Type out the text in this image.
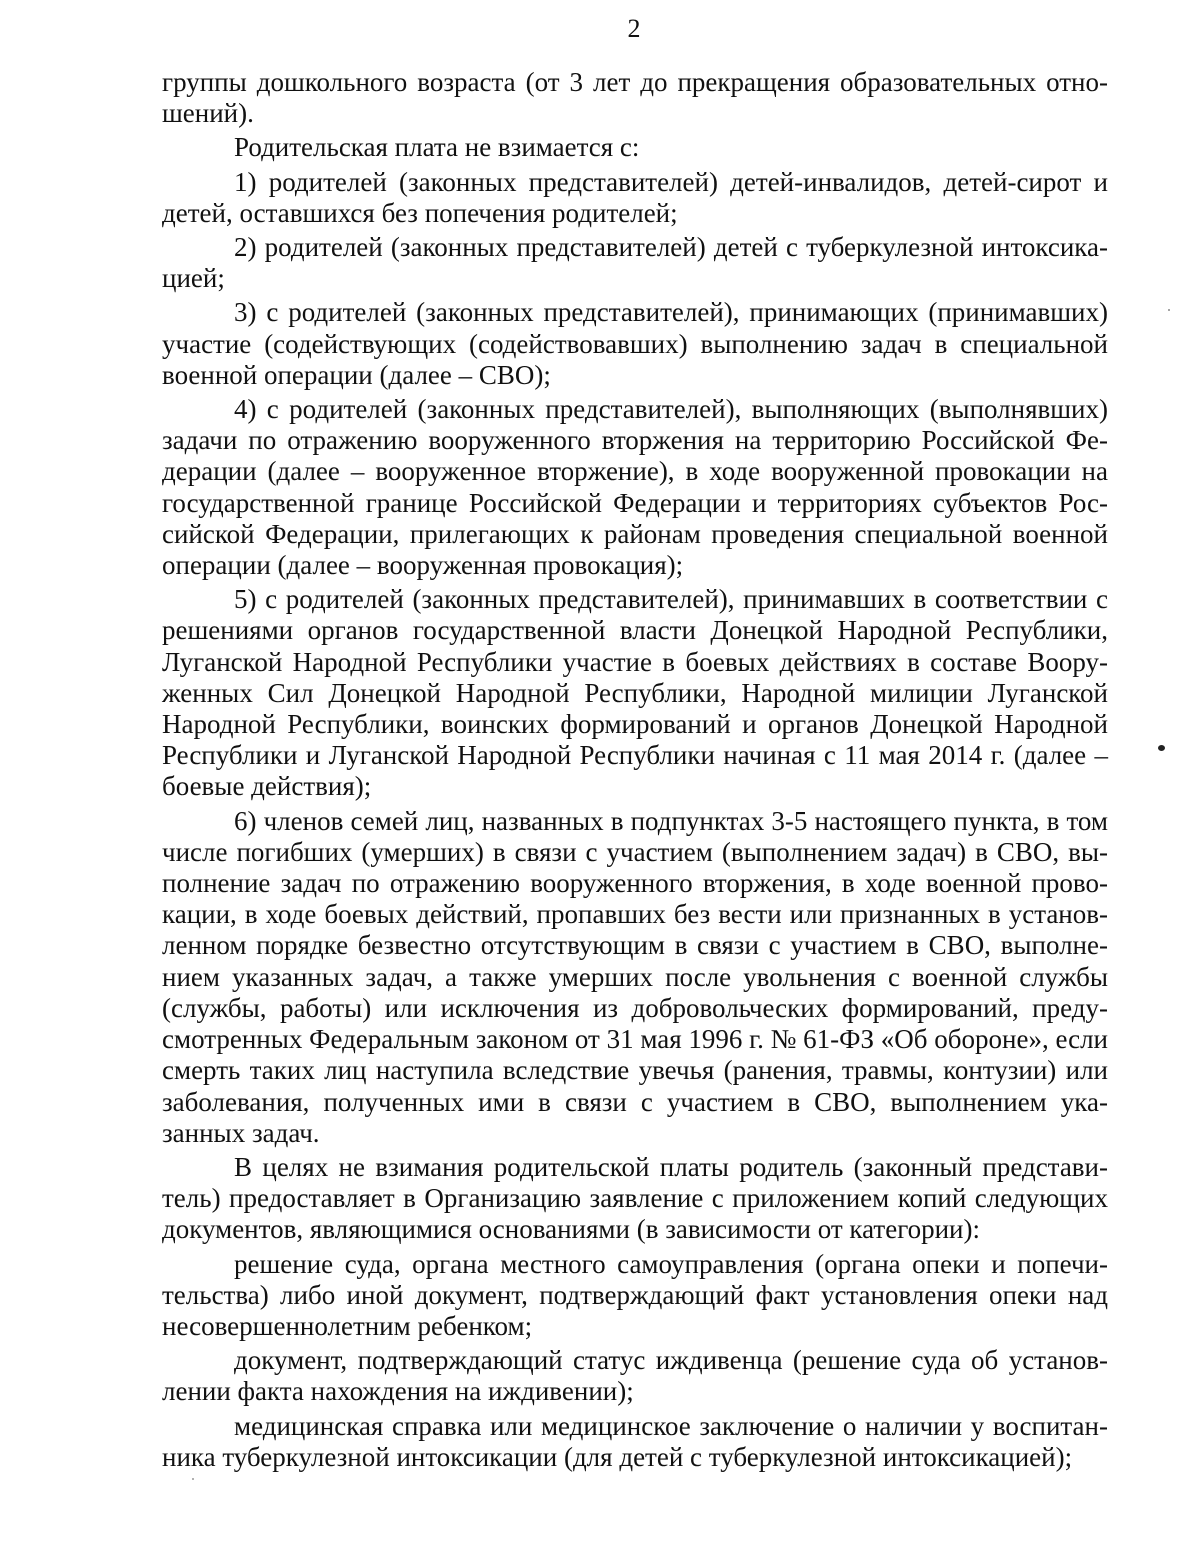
2

группы дошкольного возраста (от 3 лет до прекращения образовательных отношений).

Родительская плата не взимается с:

1) родителей (законных представителей) детей-инвалидов, детей-сирот и детей, оставшихся без попечения родителей;

2) родителей (законных представителей) детей с туберкулезной интоксикацией;

3) с родителей (законных представителей), принимающих (принимавших) участие (содействующих (содействовавших) выполнению задач в специальной военной операции (далее – СВО);

4) с родителей (законных представителей), выполняющих (выполнявших) задачи по отражению вооруженного вторжения на территорию Российской Федерации (далее – вооруженное вторжение), в ходе вооруженной провокации на государственной границе Российской Федерации и территориях субъектов Российской Федерации, прилегающих к районам проведения специальной военной операции (далее – вооруженная провокация);

5) с родителей (законных представителей), принимавших в соответствии с решениями органов государственной власти Донецкой Народной Республики, Луганской Народной Республики участие в боевых действиях в составе Вооруженных Сил Донецкой Народной Республики, Народной милиции Луганской Народной Республики, воинских формирований и органов Донецкой Народной Республики и Луганской Народной Республики начиная с 11 мая 2014 г. (далее – боевые действия);

6) членов семей лиц, названных в подпунктах 3-5 настоящего пункта, в том числе погибших (умерших) в связи с участием (выполнением задач) в СВО, выполнение задач по отражению вооруженного вторжения, в ходе военной провокации, в ходе боевых действий, пропавших без вести или признанных в установленном порядке безвестно отсутствующим в связи с участием в СВО, выполнением указанных задач, а также умерших после увольнения с военной службы (службы, работы) или исключения из добровольческих формирований, предусмотренных Федеральным законом от 31 мая 1996 г. № 61-ФЗ «Об обороне», если смерть таких лиц наступила вследствие увечья (ранения, травмы, контузии) или заболевания, полученных ими в связи с участием в СВО, выполнением указанных задач.

В целях не взимания родительской платы родитель (законный представитель) предоставляет в Организацию заявление с приложением копий следующих документов, являющимися основаниями (в зависимости от категории):

решение суда, органа местного самоуправления (органа опеки и попечительства) либо иной документ, подтверждающий факт установления опеки над несовершеннолетним ребенком;

документ, подтверждающий статус иждивенца (решение суда об установлении факта нахождения на иждивении);

медицинская справка или медицинское заключение о наличии у воспитанника туберкулезной интоксикации (для детей с туберкулезной интоксикацией);
